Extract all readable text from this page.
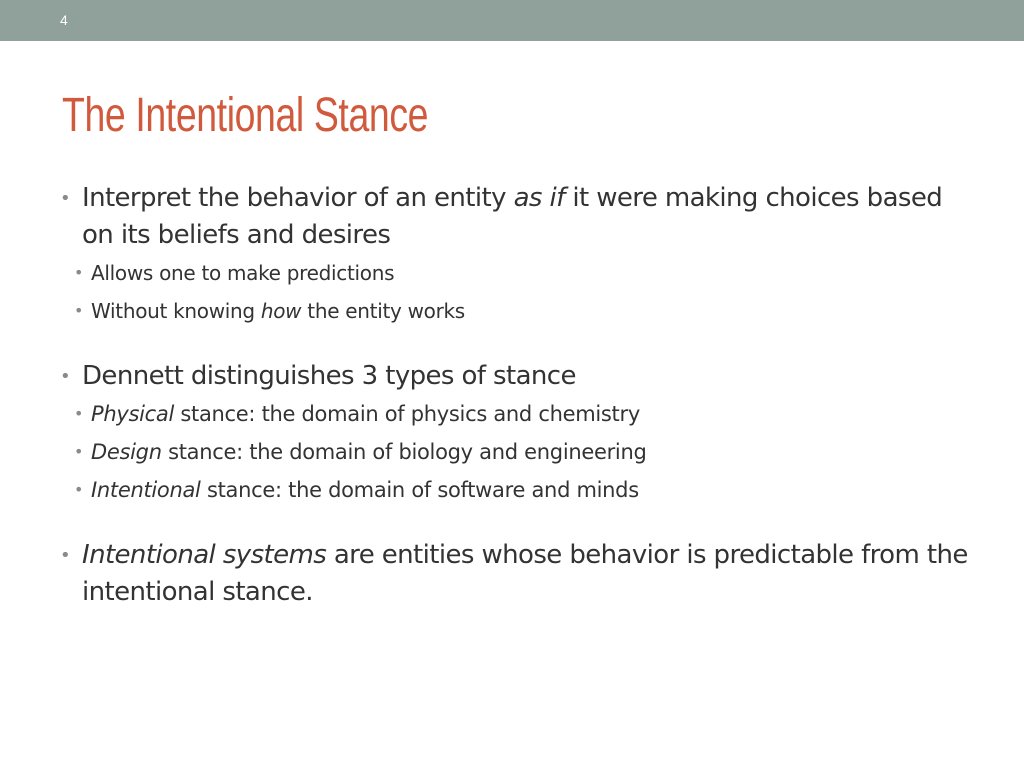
4
The Intentional Stance
• Interpret the behavior of an entity as if it were making choices based on its beliefs and desires
• Allows one to make predictions
• Without knowing how the entity works
• Dennett distinguishes 3 types of stance
• Physical stance: the domain of physics and chemistry
• Design stance: the domain of biology and engineering
• Intentional stance: the domain of software and minds
• Intentional systems are entities whose behavior is predictable from the intentional stance.
